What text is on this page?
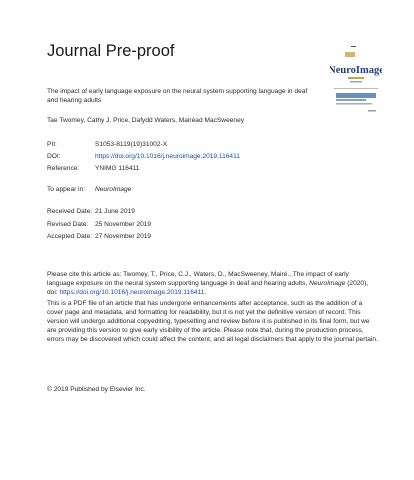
Journal Pre-proof
NeuroImage
The impact of early language exposure on the neural system supporting language in deaf and hearing adults
Tae Twomey, Cathy J. Price, Dafydd Waters, Mairéad MacSweeney
PII:	S1053-8119(19)31002-X
DOI:	https://doi.org/10.1016/j.neuroimage.2019.116411
Reference: YNIMG 116411
To appear in: NeuroImage
Received Date: 21 June 2019
Revised Date: 25 November 2019
Accepted Date: 27 November 2019
Please cite this article as: Twomey, T., Price, C.J., Waters, D., MacSweeney, Mairé., The impact of early language exposure on the neural system supporting language in deaf and hearing adults, NeuroImage (2020), doi: https://doi.org/10.1016/j.neuroimage.2019.116411.
This is a PDF file of an article that has undergone enhancements after acceptance, such as the addition of a cover page and metadata, and formatting for readability, but it is not yet the definitive version of record. This version will undergo additional copyediting, typesetting and review before it is published in its final form, but we are providing this version to give early visibility of the article. Please note that, during the production process, errors may be discovered which could affect the content, and all legal disclaimers that apply to the journal pertain.
© 2019 Published by Elsevier Inc.
